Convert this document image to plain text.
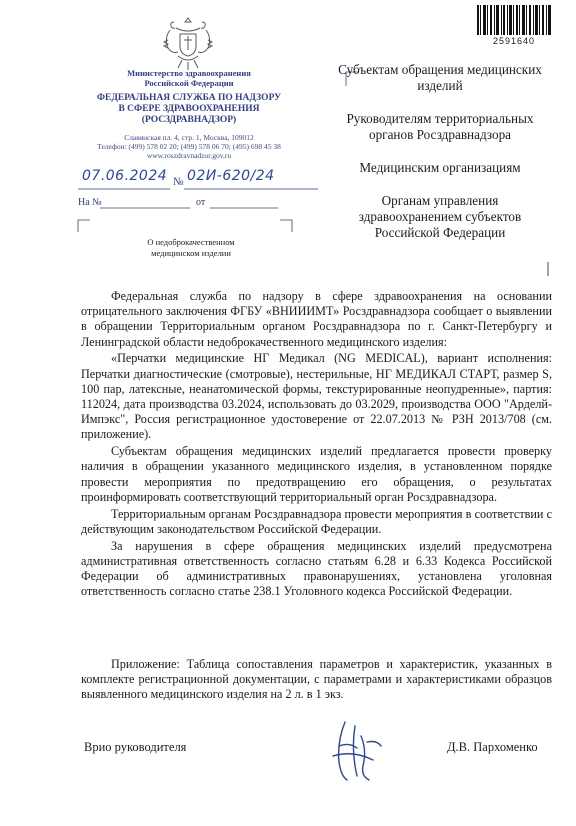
2591640
Министерство здравоохранения
Российской Федерации
ФЕДЕРАЛЬНАЯ СЛУЖБА ПО НАДЗОРУ
В СФЕРЕ ЗДРАВООХРАНЕНИЯ
(РОСЗДРАВНАДЗОР)
Славянская пл. 4, стр. 1, Москва, 109012
Телефон: (499) 578 02 20; (499) 578 06 70; (495) 698 45 38
www.roszdravnadzor.gov.ru
07.06.2024 № 02И-620/24
На №	от
О недоброкачественном
медицинском изделии

Субъектам обращения медицинских изделий

Руководителям территориальных органов Росздравнадзора

Медицинским организациям

Органам управления здравоохранением субъектов Российской Федерации

Федеральная служба по надзору в сфере здравоохранения на основании отрицательного заключения ФГБУ «ВНИИИМТ» Росздравнадзора сообщает о выявлении в обращении Территориальным органом Росздравнадзора по г. Санкт-Петербургу и Ленинградской области недоброкачественного медицинского изделия:

«Перчатки медицинские НГ Медикал (NG MEDICAL), вариант исполнения: Перчатки диагностические (смотровые), нестерильные, НГ МЕДИКАЛ СТАРТ, размер S, 100 пар, латексные, неанатомической формы, текстурированные неопудренные», партия: 112024, дата производства 03.2024, использовать до 03.2029, производства ООО "Арделй-Импэкс", Россия регистрационное удостоверение от 22.07.2013 № РЗН 2013/708 (см. приложение).

Субъектам обращения медицинских изделий предлагается провести проверку наличия в обращении указанного медицинского изделия, в установленном порядке провести мероприятия по предотвращению его обращения, о результатах проинформировать соответствующий территориальный орган Росздравнадзора.

Территориальным органам Росздравнадзора провести мероприятия в соответствии с действующим законодательством Российской Федерации.

За нарушения в сфере обращения медицинских изделий предусмотрена административная ответственность согласно статьям 6.28 и 6.33 Кодекса Российской Федерации об административных правонарушениях, установлена уголовная ответственность согласно статье 238.1 Уголовного кодекса Российской Федерации.

Приложение: Таблица сопоставления параметров и характеристик, указанных в комплекте регистрационной документации, с параметрами и характеристиками образцов выявленного медицинского изделия на 2 л. в 1 экз.

Врио руководителя	Д.В. Пархоменко
